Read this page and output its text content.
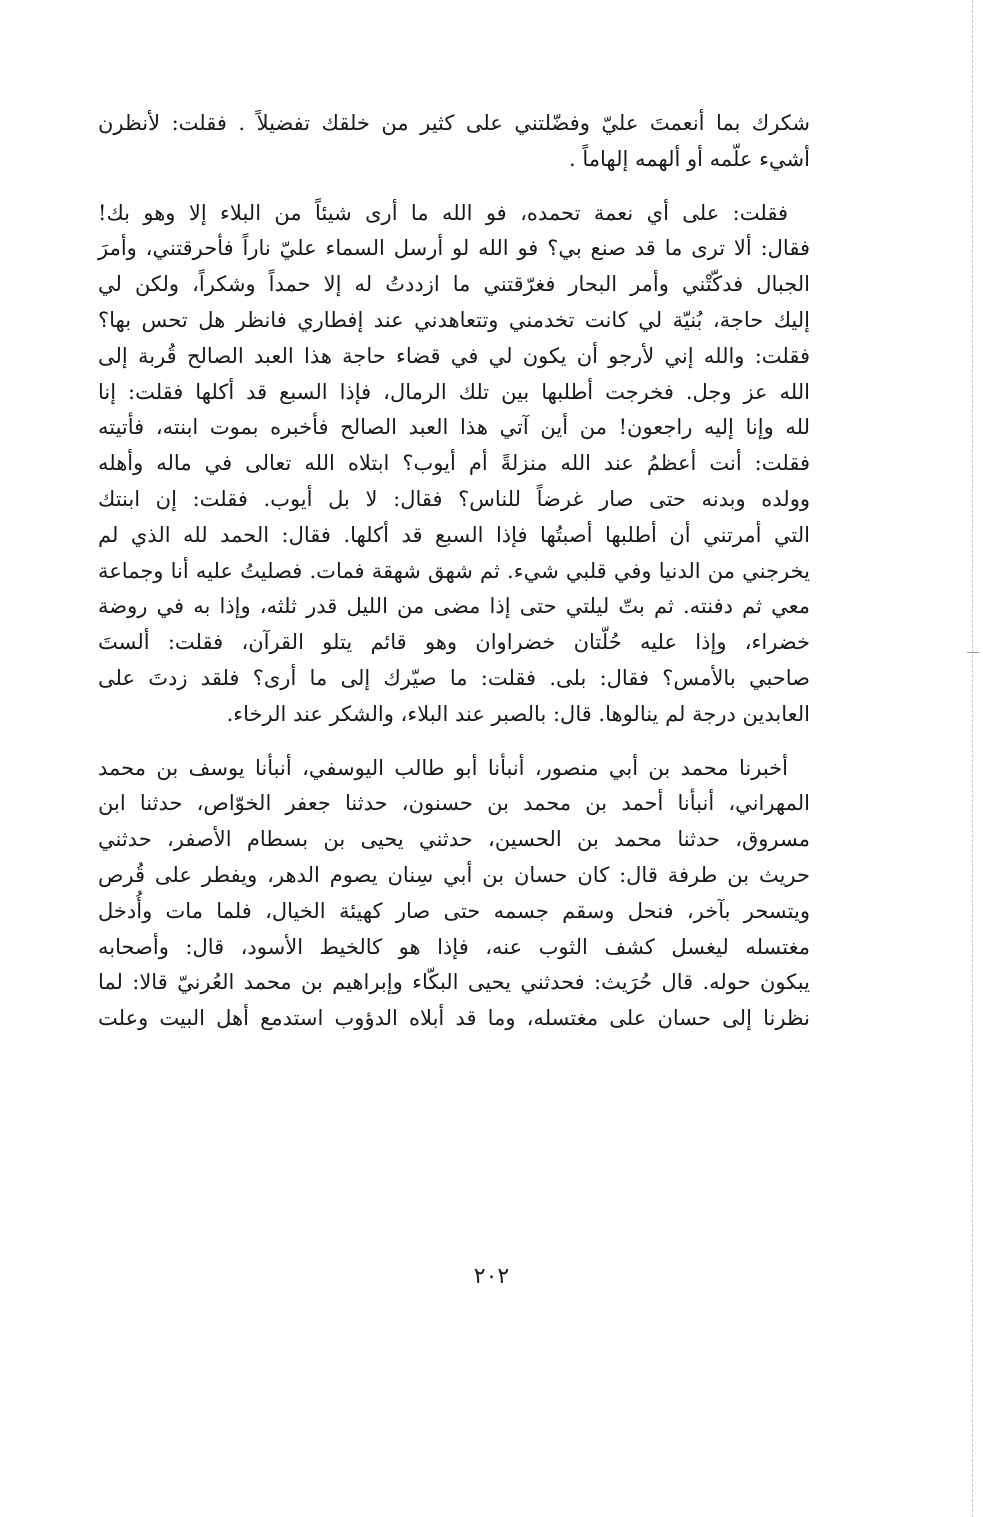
شكرك بما أنعمتَ عليّ وفضّلتني على كثير من خلقك تفضيلاً . فقلت: لأنظرن
أشيء علّمه أو ألهمه إلهاماً .

فقلت: على أي نعمة تحمده، فو الله ما أرى شيئاً من البلاء إلا وهو بك!
فقال: ألا ترى ما قد صنع بي؟ فو الله لو أرسل السماء عليّ ناراً فأحرقتني، وأمرَ
الجبال فدكّتْني وأمر البحار فغرّقتني ما ازددتُ له إلا حمداً وشكراً، ولكن لي
إليك حاجة، بُنيّة لي كانت تخدمني وتتعاهدني عند إفطاري فانظر هل تحس بها؟
فقلت: والله إني لأرجو أن يكون لي في قضاء حاجة هذا العبد الصالح قُربة إلى
الله عز وجل. فخرجت أطلبها بين تلك الرمال، فإذا السبع قد أكلها فقلت: إنا
لله وإنا إليه راجعون! من أين آتي هذا العبد الصالح فأخبره بموت ابنته، فأتيته
فقلت: أنت أعظمُ عند الله منزلةً أم أيوب؟ ابتلاه الله تعالى في ماله وأهله
وولده وبدنه حتى صار غرضاً للناس؟ فقال: لا بل أيوب. فقلت: إن ابنتك
التي أمرتني أن أطلبها أصبتُها فإذا السبع قد أكلها. فقال: الحمد لله الذي لم
يخرجني من الدنيا وفي قلبي شيء. ثم شهق شهقة فمات. فصليتُ عليه أنا وجماعة
معي ثم دفنته. ثم بتّ ليلتي حتى إذا مضى من الليل قدر ثلثه، وإذا به في روضة
خضراء، وإذا عليه حُلّتان خضراوان وهو قائم يتلو القرآن، فقلت: ألستَ
صاحبي بالأمس؟ فقال: بلى. فقلت: ما صيّرك إلى ما أرى؟ فلقد زدتَ على
العابدين درجة لم ينالوها. قال: بالصبر عند البلاء، والشكر عند الرخاء.

أخبرنا محمد بن أبي منصور، أنبأنا أبو طالب اليوسفي، أنبأنا يوسف بن محمد
المهراني، أنبأنا أحمد بن محمد بن حسنون، حدثنا جعفر الخوّاص، حدثنا ابن
مسروق، حدثنا محمد بن الحسين، حدثني يحيى بن بسطام الأصفر، حدثني
حريث بن طرفة قال: كان حسان بن أبي سِنان يصوم الدهر، ويفطر على قُرص
ويتسحر بآخر، فنحل وسقم جسمه حتى صار كهيئة الخيال، فلما مات وأُدخل
مغتسله ليغسل كشف الثوب عنه، فإذا هو كالخيط الأسود، قال: وأصحابه
يبكون حوله. قال حُرَيث: فحدثني يحيى البكّاء وإبراهيم بن محمد العُرنيّ قالا: لما
نظرنا إلى حسان على مغتسله، وما قد أبلاه الدؤوب استدمع أهل البيت وعلت

٢٠٢
